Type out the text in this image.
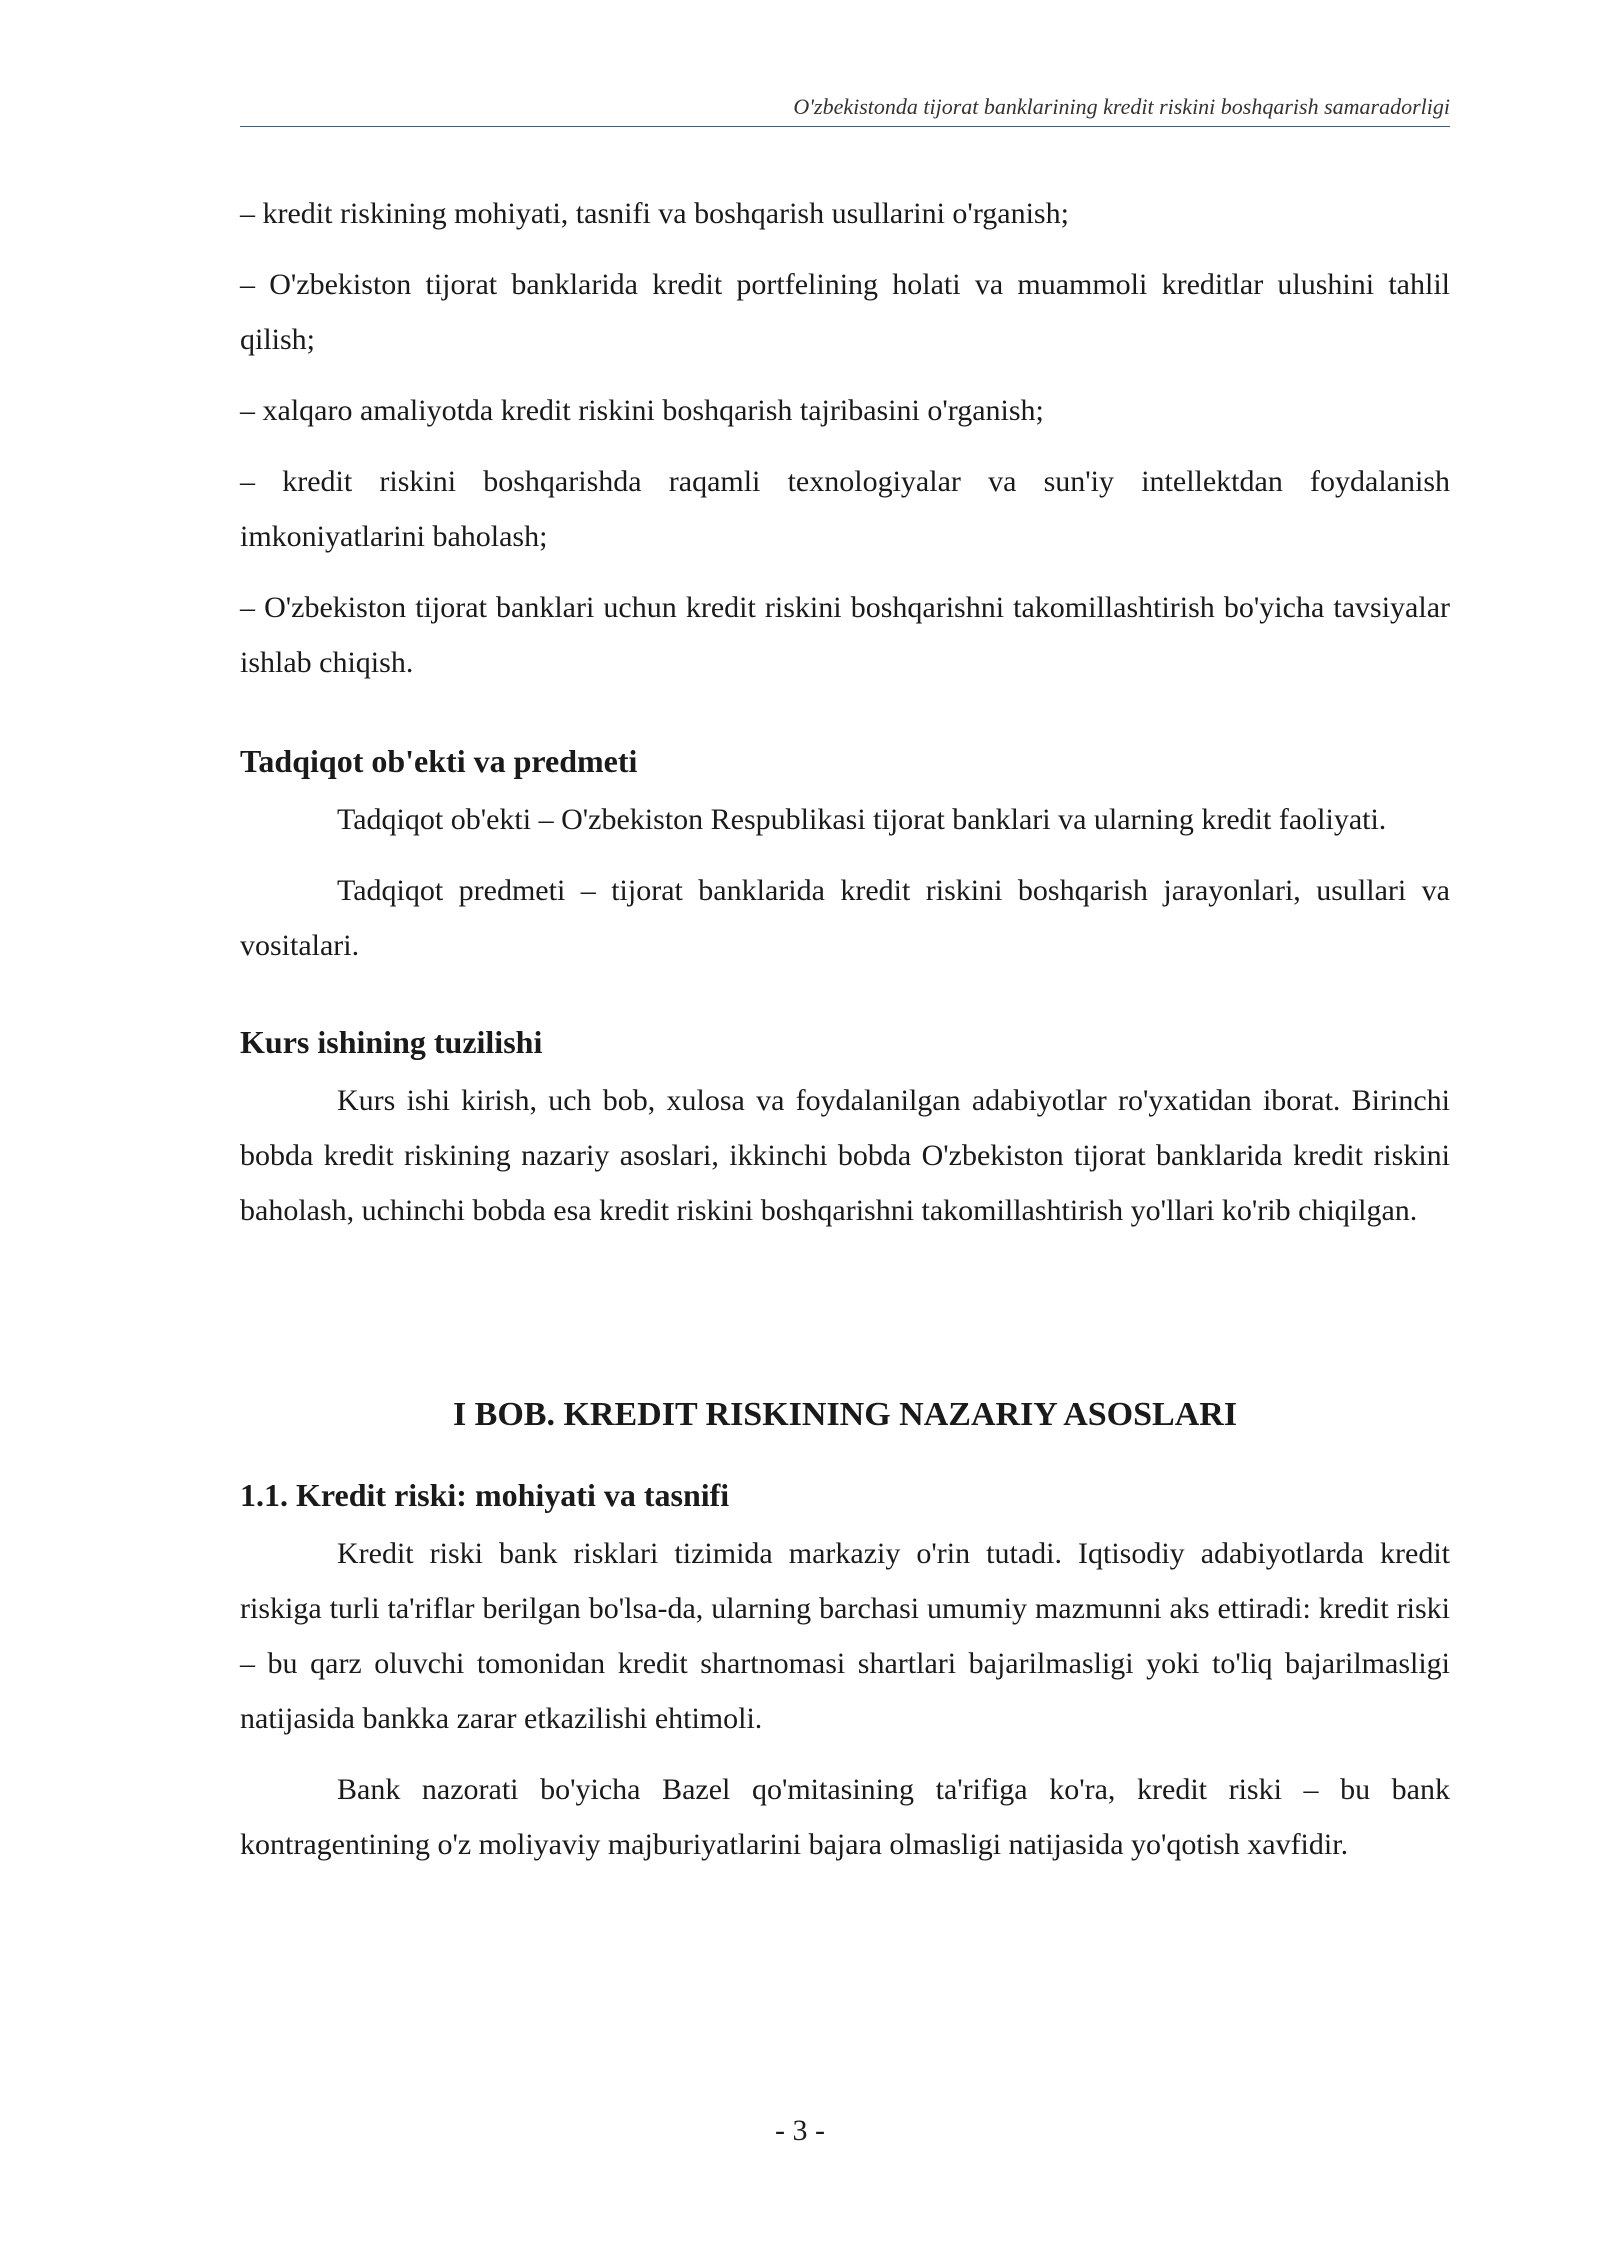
O'zbekistonda tijorat banklarining kredit riskini boshqarish samaradorligi

– kredit riskining mohiyati, tasnifi va boshqarish usullarini o'rganish;

– O'zbekiston tijorat banklarida kredit portfelining holati va muammoli kreditlar ulushini tahlil qilish;

– xalqaro amaliyotda kredit riskini boshqarish tajribasini o'rganish;

– kredit riskini boshqarishda raqamli texnologiyalar va sun'iy intellektdan foydalanish imkoniyatlarini baholash;

– O'zbekiston tijorat banklari uchun kredit riskini boshqarishni takomillashtirish bo'yicha tavsiyalar ishlab chiqish.

Tadqiqot ob'ekti va predmeti

Tadqiqot ob'ekti – O'zbekiston Respublikasi tijorat banklari va ularning kredit faoliyati.

Tadqiqot predmeti – tijorat banklarida kredit riskini boshqarish jarayonlari, usullari va vositalari.

Kurs ishining tuzilishi

Kurs ishi kirish, uch bob, xulosa va foydalanilgan adabiyotlar ro'yxatidan iborat. Birinchi bobda kredit riskining nazariy asoslari, ikkinchi bobda O'zbekiston tijorat banklarida kredit riskini baholash, uchinchi bobda esa kredit riskini boshqarishni takomillashtirish yo'llari ko'rib chiqilgan.

I BOB. KREDIT RISKINING NAZARIY ASOSLARI
1.1. Kredit riski: mohiyati va tasnifi

Kredit riski bank risklari tizimida markaziy o'rin tutadi. Iqtisodiy adabiyotlarda kredit riskiga turli ta'riflar berilgan bo'lsa-da, ularning barchasi umumiy mazmunni aks ettiradi: kredit riski – bu qarz oluvchi tomonidan kredit shartnomasi shartlari bajarilmasligi yoki to'liq bajarilmasligi natijasida bankka zarar etkazilishi ehtimoli.

Bank nazorati bo'yicha Bazel qo'mitasining ta'rifiga ko'ra, kredit riski – bu bank kontragentining o'z moliyaviy majburiyatlarini bajara olmasligi natijasida yo'qotish xavfidir.

- 3 -
